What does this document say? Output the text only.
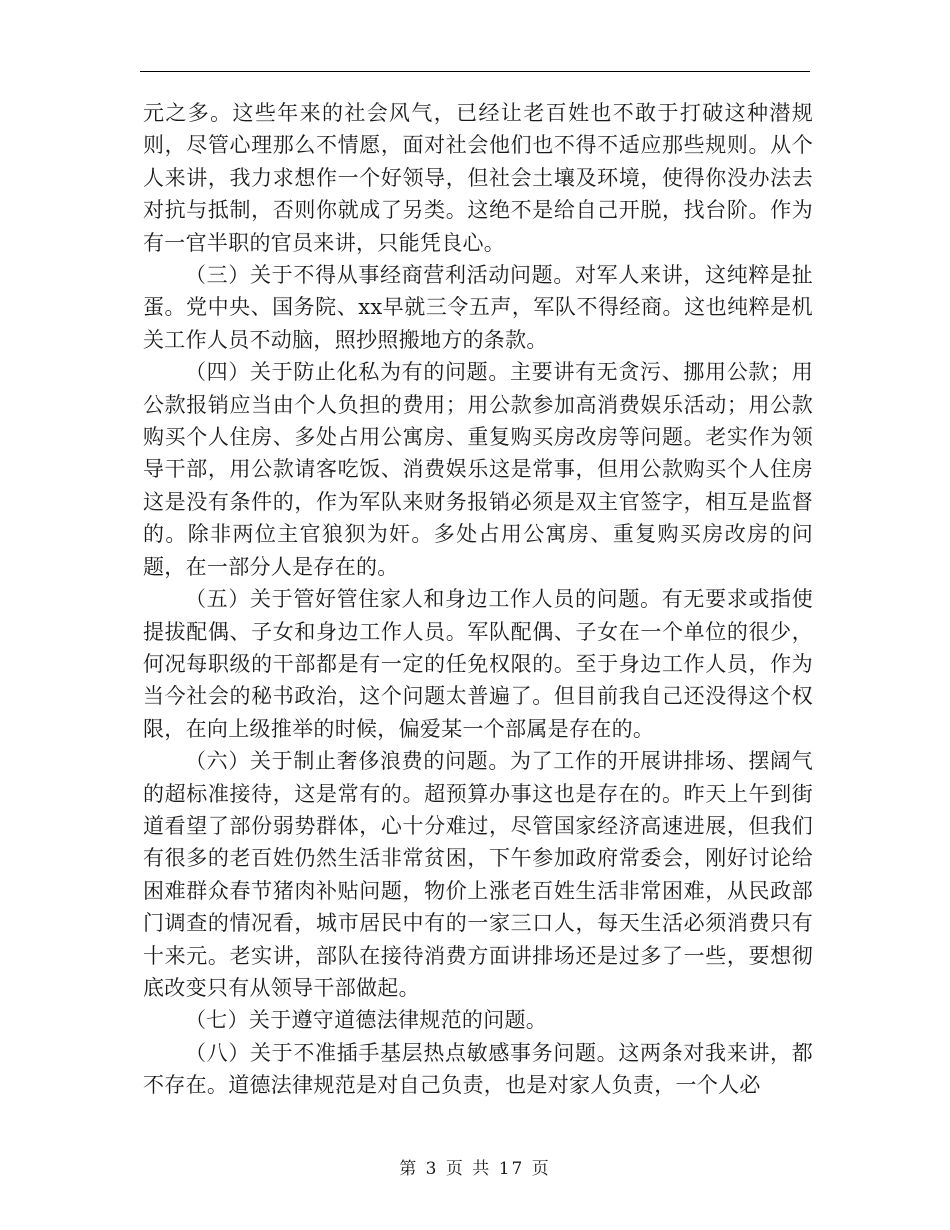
元之多。这些年来的社会风气，已经让老百姓也不敢于打破这种潜规则，尽管心理那么不情愿，面对社会他们也不得不适应那些规则。从个人来讲，我力求想作一个好领导，但社会土壤及环境，使得你没办法去对抗与抵制，否则你就成了另类。这绝不是给自己开脱，找台阶。作为有一官半职的官员来讲，只能凭良心。

（三）关于不得从事经商营利活动问题。对军人来讲，这纯粹是扯蛋。党中央、国务院、xx早就三令五声，军队不得经商。这也纯粹是机关工作人员不动脑，照抄照搬地方的条款。

（四）关于防止化私为有的问题。主要讲有无贪污、挪用公款；用公款报销应当由个人负担的费用；用公款参加高消费娱乐活动；用公款购买个人住房、多处占用公寓房、重复购买房改房等问题。老实作为领导干部，用公款请客吃饭、消费娱乐这是常事，但用公款购买个人住房这是没有条件的，作为军队来财务报销必须是双主官签字，相互是监督的。除非两位主官狼狈为奸。多处占用公寓房、重复购买房改房的问题，在一部分人是存在的。

（五）关于管好管住家人和身边工作人员的问题。有无要求或指使提拔配偶、子女和身边工作人员。军队配偶、子女在一个单位的很少，何况每职级的干部都是有一定的任免权限的。至于身边工作人员，作为当今社会的秘书政治，这个问题太普遍了。但目前我自己还没得这个权限，在向上级推举的时候，偏爱某一个部属是存在的。

（六）关于制止奢侈浪费的问题。为了工作的开展讲排场、摆阔气的超标准接待，这是常有的。超预算办事这也是存在的。昨天上午到街道看望了部份弱势群体，心十分难过，尽管国家经济高速进展，但我们有很多的老百姓仍然生活非常贫困，下午参加政府常委会，刚好讨论给困难群众春节猪肉补贴问题，物价上涨老百姓生活非常困难，从民政部门调查的情况看，城市居民中有的一家三口人，每天生活必须消费只有十来元。老实讲，部队在接待消费方面讲排场还是过多了一些，要想彻底改变只有从领导干部做起。

（七）关于遵守道德法律规范的问题。

（八）关于不准插手基层热点敏感事务问题。这两条对我来讲，都不存在。道德法律规范是对自己负责，也是对家人负责，一个人必

第 3 页 共 17 页
